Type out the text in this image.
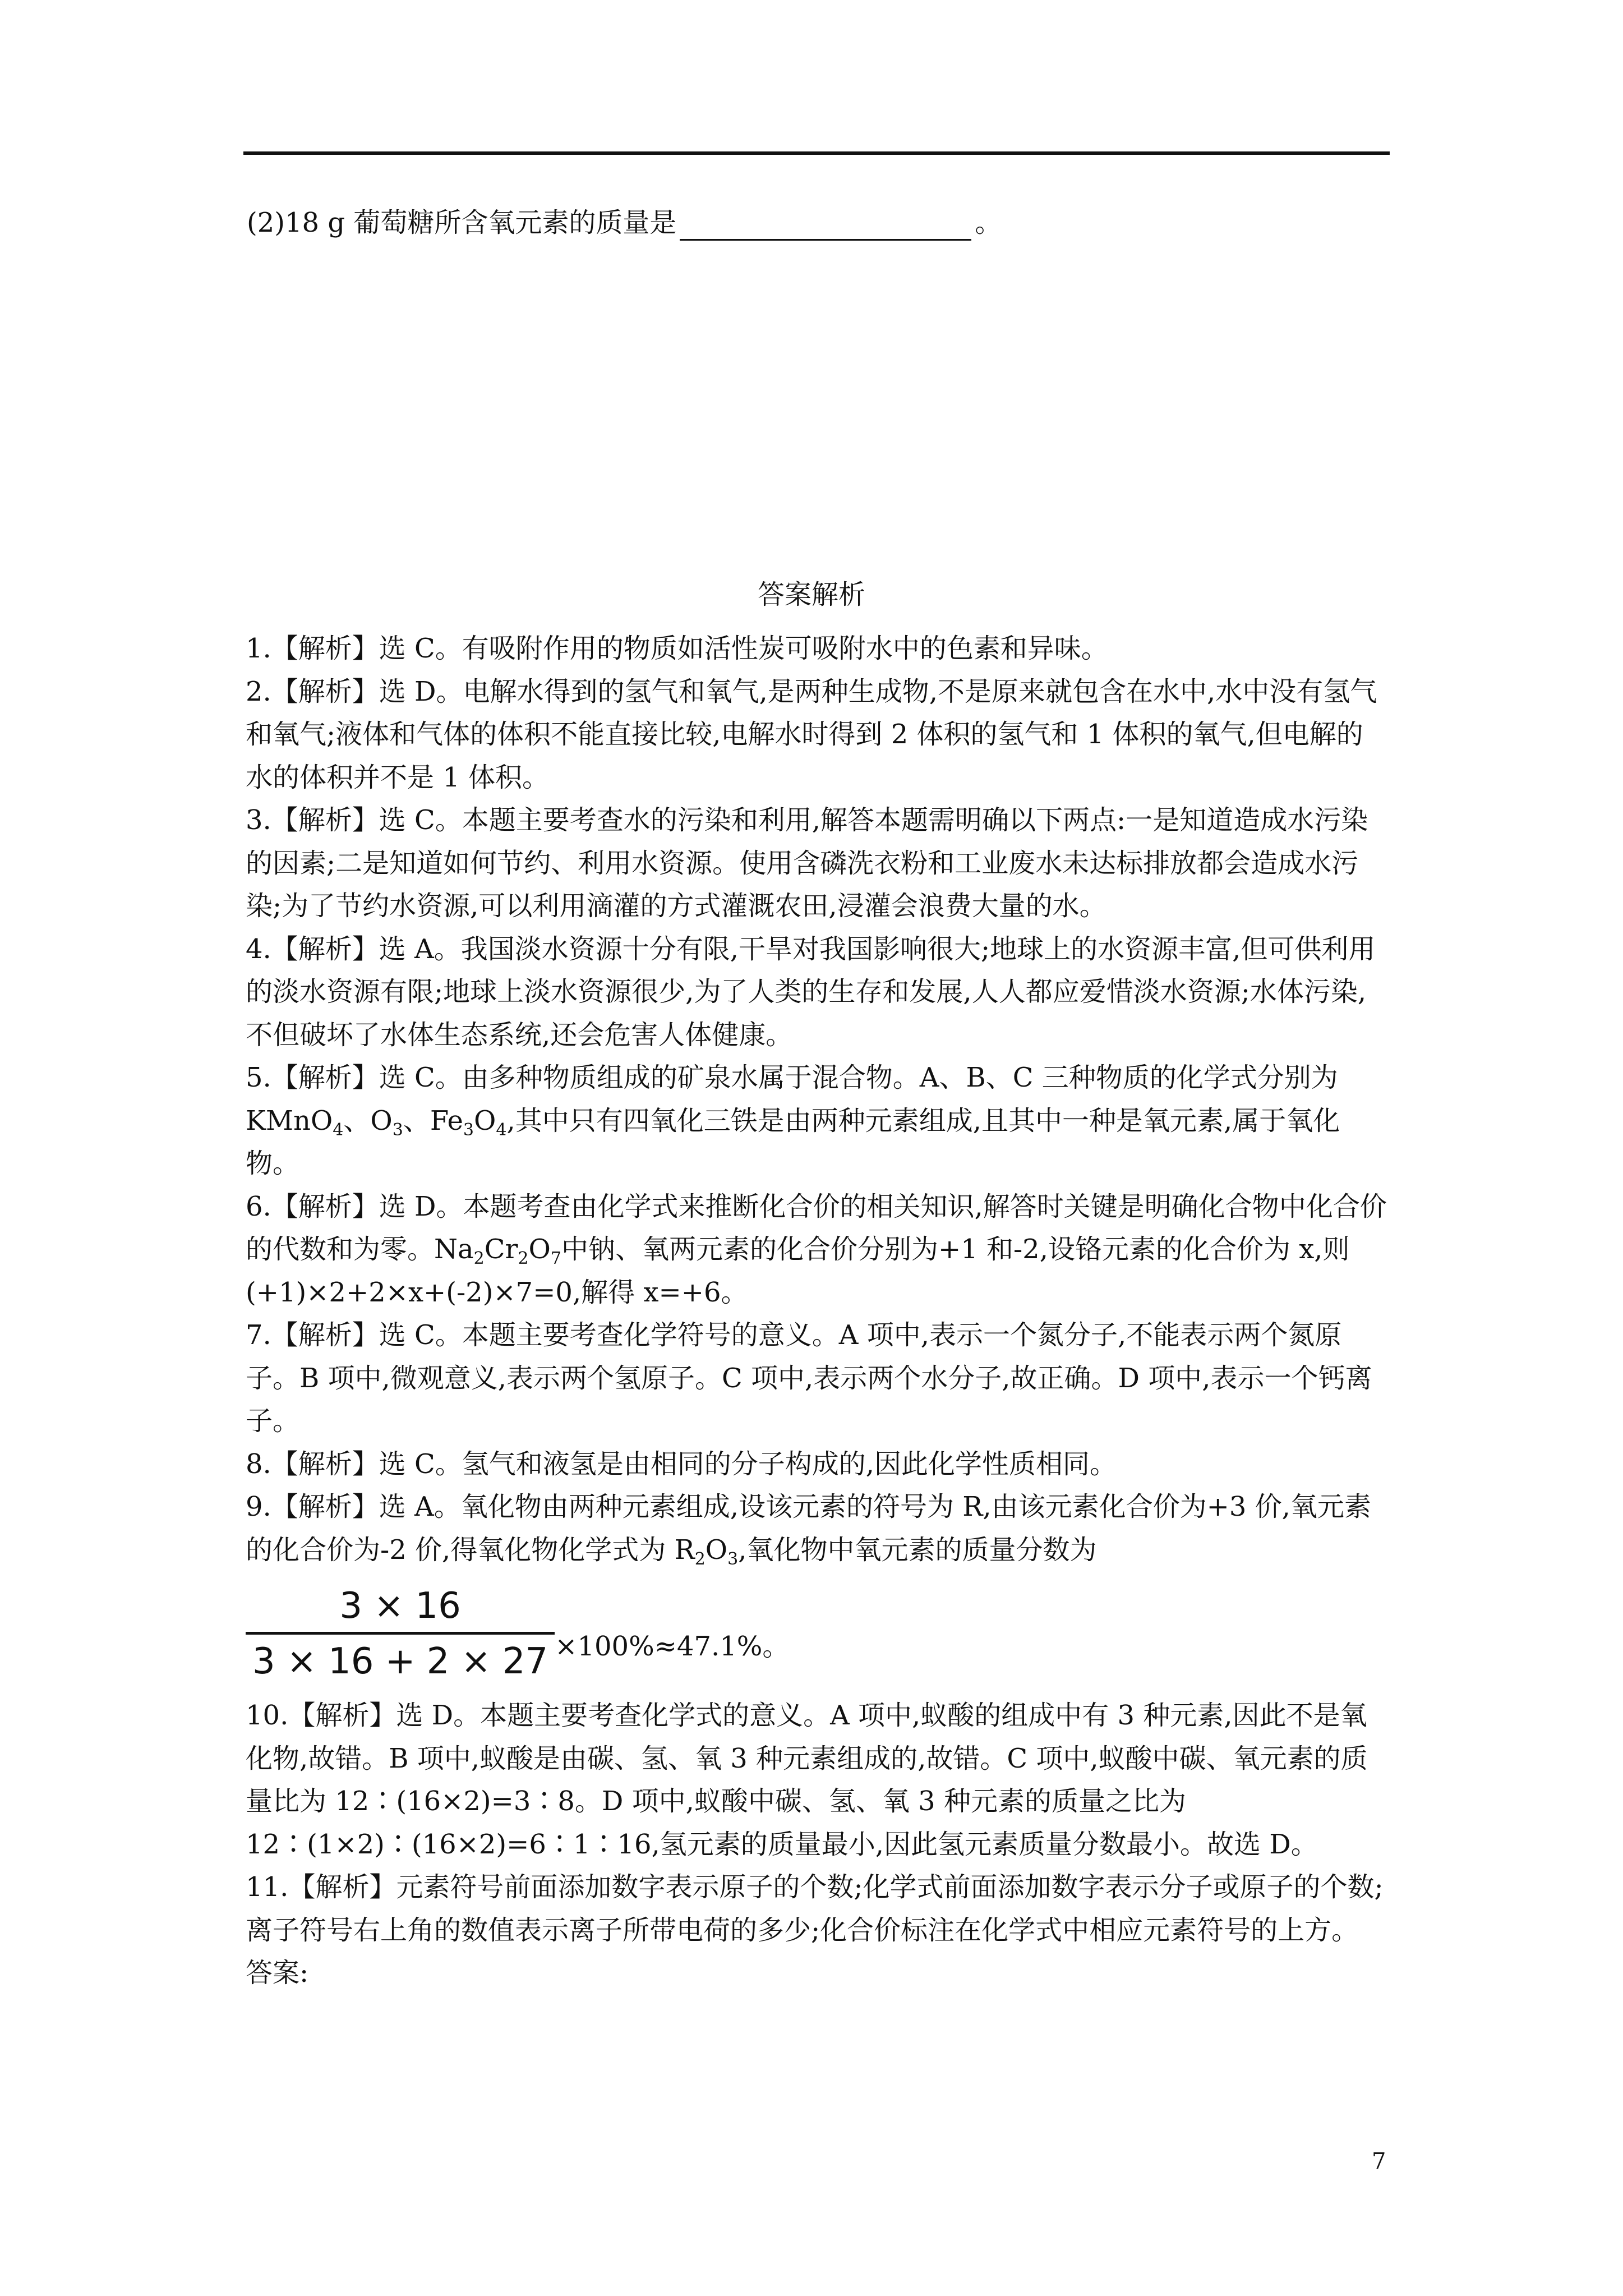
(2)18 g 葡萄糖所含氧元素的质量是	。
答案解析

1.【解析】选 C。有吸附作用的物质如活性炭可吸附水中的色素和异味。

2.【解析】选 D。电解水得到的氢气和氧气,是两种生成物,不是原来就包含在水中,水中没有氢气和氧气;液体和气体的体积不能直接比较,电解水时得到 2 体积的氢气和 1 体积的氧气,但电解的水的体积并不是 1 体积。

3.【解析】选 C。本题主要考查水的污染和利用,解答本题需明确以下两点:一是知道造成水污染的因素;二是知道如何节约、利用水资源。使用含磷洗衣粉和工业废水未达标排放都会造成水污染;为了节约水资源,可以利用滴灌的方式灌溉农田,浸灌会浪费大量的水。

4.【解析】选 A。我国淡水资源十分有限,干旱对我国影响很大;地球上的水资源丰富,但可供利用的淡水资源有限;地球上淡水资源很少,为了人类的生存和发展,人人都应爱惜淡水资源;水体污染,不但破坏了水体生态系统,还会危害人体健康。

5.【解析】选 C。由多种物质组成的矿泉水属于混合物。A、B、C 三种物质的化学式分别为 KMnO$_4$、$O_3$、$Fe_3O_4$,其中只有四氧化三铁是由两种元素组成,且其中一种是氧元素,属于氧化物。

6.【解析】选 D。本题考查由化学式来推断化合价的相关知识,解答时关键是明确化合物中化合价的代数和为零。$Na_2Cr_2O_7$中钠、氧两元素的化合价分别为+1 和-2,设铬元素的化合价为 x,则(+1)×2+2×x+(-2)×7=0,解得 x=+6。

7.【解析】选 C。本题主要考查化学符号的意义。A 项中,表示一个氮分子,不能表示两个氮原子。B 项中,微观意义,表示两个氢原子。C 项中,表示两个水分子,故正确。D 项中,表示一个钙离子。

8.【解析】选 C。氢气和液氢是由相同的分子构成的,因此化学性质相同。

9.【解析】选 A。氧化物由两种元素组成,设该元素的符号为 R,由该元素化合价为+3 价,氧元素的化合价为-2 价,得氧化物化学式为 $R_2O_3$,氧化物中氧元素的质量分数为

$\frac{3 \times 16}{3 \times 16 + 2 \times 27} \times 100\%\approx 47.1\%$。

10.【解析】选 D。本题主要考查化学式的意义。A 项中,蚁酸的组成中有 3 种元素,因此不是氧化物,故错。B 项中,蚁酸是由碳、氢、氧 3 种元素组成的,故错。C 项中,蚁酸中碳、氧元素的质量比为 12∶(16×2)=3∶8。D 项中,蚁酸中碳、氢、氧 3 种元素的质量之比为 12∶(1×2)∶(16×2)=6∶1∶16,氢元素的质量最小,因此氢元素质量分数最小。故选 D。

11.【解析】元素符号前面添加数字表示原子的个数;化学式前面添加数字表示分子或原子的个数;离子符号右上角的数值表示离子所带电荷的多少;化合价标注在化学式中相应元素符号的上方。

答案:

7
